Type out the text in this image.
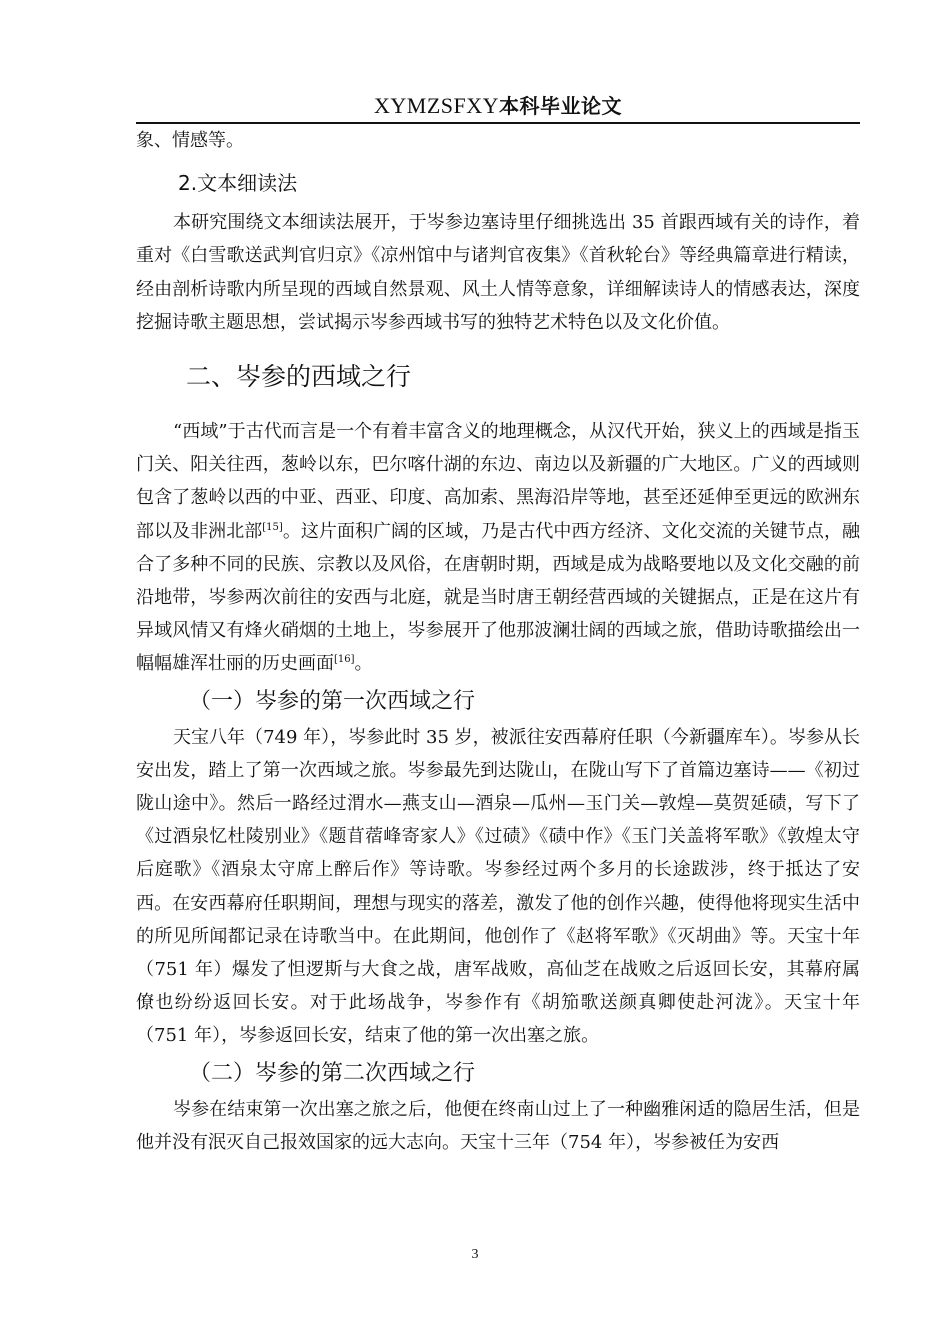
XYMZSFXY本科毕业论文

象、情感等。

2.文本细读法

本研究围绕文本细读法展开，于岑参边塞诗里仔细挑选出 35 首跟西域有关的诗作，着重对《白雪歌送武判官归京》《凉州馆中与诸判官夜集》《首秋轮台》等经典篇章进行精读，经由剖析诗歌内所呈现的西域自然景观、风土人情等意象，详细解读诗人的情感表达，深度挖掘诗歌主题思想，尝试揭示岑参西域书写的独特艺术特色以及文化价值。

二、岑参的西域之行

“西域”于古代而言是一个有着丰富含义的地理概念，从汉代开始，狭义上的西域是指玉门关、阳关往西，葱岭以东，巴尔喀什湖的东边、南边以及新疆的广大地区。广义的西域则包含了葱岭以西的中亚、西亚、印度、高加索、黑海沿岸等地，甚至还延伸至更远的欧洲东部以及非洲北部[15]。这片面积广阔的区域，乃是古代中西方经济、文化交流的关键节点，融合了多种不同的民族、宗教以及风俗，在唐朝时期，西域是成为战略要地以及文化交融的前沿地带，岑参两次前往的安西与北庭，就是当时唐王朝经营西域的关键据点，正是在这片有异域风情又有烽火硝烟的土地上，岑参展开了他那波澜壮阔的西域之旅，借助诗歌描绘出一幅幅雄浑壮丽的历史画面[16]。

（一）岑参的第一次西域之行

天宝八年（749 年），岑参此时 35 岁，被派往安西幕府任职（今新疆库车）。岑参从长安出发，踏上了第一次西域之旅。岑参最先到达陇山，在陇山写下了首篇边塞诗——《初过陇山途中》。然后一路经过渭水—燕支山—酒泉—瓜州—玉门关—敦煌—莫贺延碛，写下了《过酒泉忆杜陵别业》《题苜蓿峰寄家人》《过碛》《碛中作》《玉门关盖将军歌》《敦煌太守后庭歌》《酒泉太守席上醉后作》等诗歌。岑参经过两个多月的长途跋涉，终于抵达了安西。在安西幕府任职期间，理想与现实的落差，激发了他的创作兴趣，使得他将现实生活中的所见所闻都记录在诗歌当中。在此期间，他创作了《赵将军歌》《灭胡曲》等。天宝十年（751 年）爆发了怛逻斯与大食之战，唐军战败，高仙芝在战败之后返回长安，其幕府属僚也纷纷返回长安。对于此场战争，岑参作有《胡笳歌送颜真卿使赴河泷》。天宝十年（751 年），岑参返回长安，结束了他的第一次出塞之旅。

（二）岑参的第二次西域之行

岑参在结束第一次出塞之旅之后，他便在终南山过上了一种幽雅闲适的隐居生活，但是他并没有泯灭自己报效国家的远大志向。天宝十三年（754 年），岑参被任为安西

3
